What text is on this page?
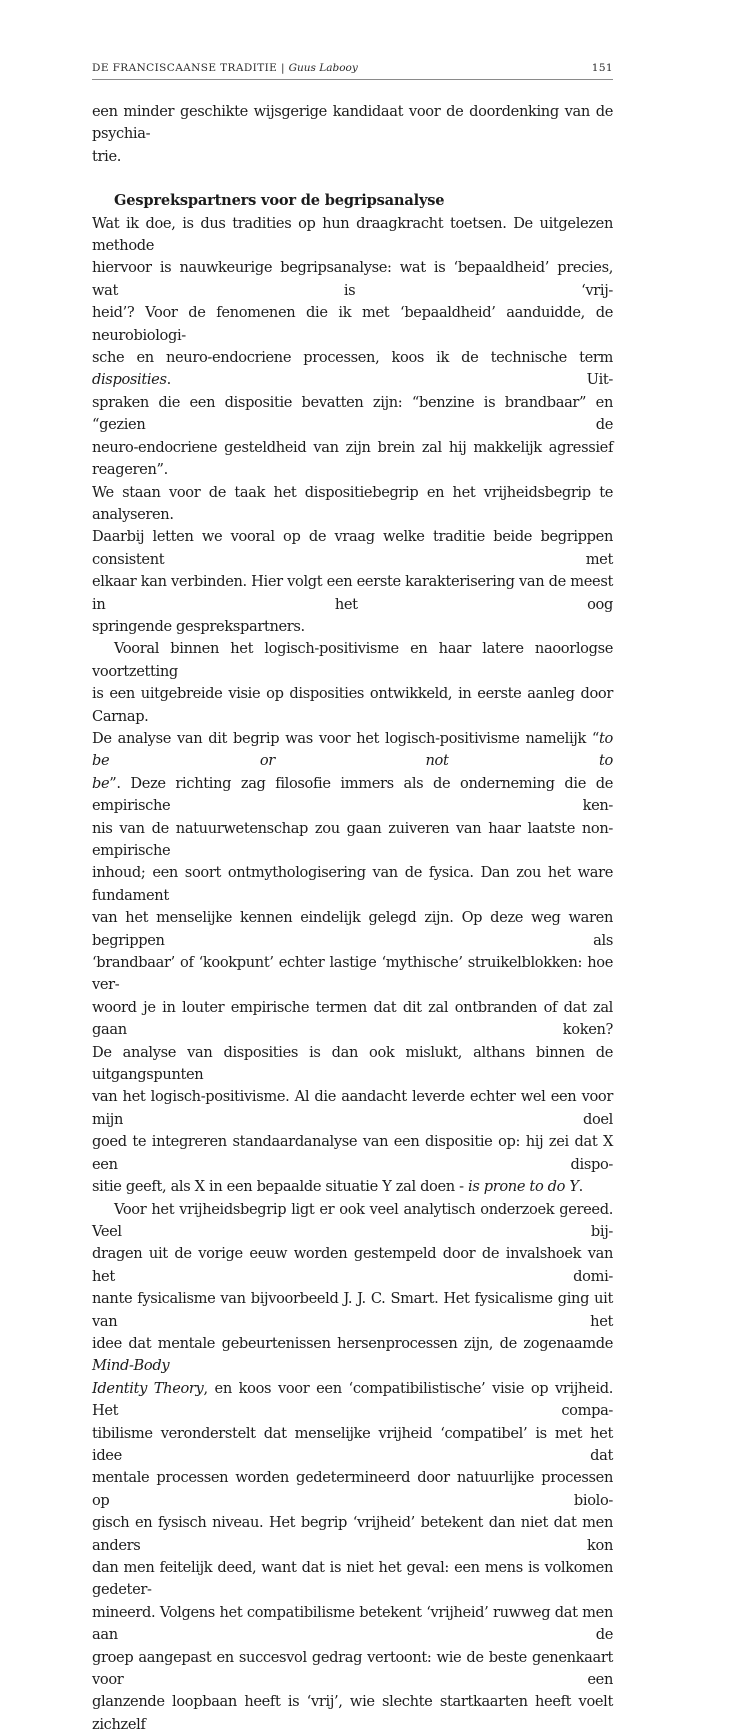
DE FRANCISCAANSE TRADITIE | Guus Labooy	151

een minder geschikte wijsgerige kandidaat voor de doordenking van de psychia-

trie.

Gesprekspartners voor de begripsanalyse

Wat ik doe, is dus tradities op hun draagkracht toetsen. De uitgelezen methode

hiervoor is nauwkeurige begripsanalyse: wat is ‘bepaaldheid’ precies, wat is ‘vrij-

heid’? Voor de fenomenen die ik met ‘bepaaldheid’ aanduidde, de neurobiologi-

sche en neuro-endocriene processen, koos ik de technische term disposities. Uit-

spraken die een dispositie bevatten zijn: “benzine is brandbaar” en “gezien de

neuro-endocriene gesteldheid van zijn brein zal hij makkelijk agressief reageren”.

We staan voor de taak het dispositiebegrip en het vrijheidsbegrip te analyseren.

Daarbij letten we vooral op de vraag welke traditie beide begrippen consistent met

elkaar kan verbinden. Hier volgt een eerste karakterisering van de meest in het oog

springende gesprekspartners.

Vooral binnen het logisch-positivisme en haar latere naoorlogse voortzetting

is een uitgebreide visie op disposities ontwikkeld, in eerste aanleg door Carnap.

De analyse van dit begrip was voor het logisch-positivisme namelijk “to be or not to

be”. Deze richting zag filosofie immers als de onderneming die de empirische ken-

nis van de natuurwetenschap zou gaan zuiveren van haar laatste non-empirische

inhoud; een soort ontmythologisering van de fysica. Dan zou het ware fundament

van het menselijke kennen eindelijk gelegd zijn. Op deze weg waren begrippen als

‘brandbaar’ of ‘kookpunt’ echter lastige ‘mythische’ struikelblokken: hoe ver-

woord je in louter empirische termen dat dit zal ontbranden of dat zal gaan koken?

De analyse van disposities is dan ook mislukt, althans binnen de uitgangspunten

van het logisch-positivisme. Al die aandacht leverde echter wel een voor mijn doel

goed te integreren standaardanalyse van een dispositie op: hij zei dat X een dispo-

sitie geeft, als X in een bepaalde situatie Y zal doen - is prone to do Y.

Voor het vrijheidsbegrip ligt er ook veel analytisch onderzoek gereed. Veel bij-

dragen uit de vorige eeuw worden gestempeld door de invalshoek van het domi-

nante fysicalisme van bijvoorbeeld J. J. C. Smart. Het fysicalisme ging uit van het

idee dat mentale gebeurtenissen hersenprocessen zijn, de zogenaamde Mind-Body

Identity Theory, en koos voor een ‘compatibilistische’ visie op vrijheid. Het compa-

tibilisme veronderstelt dat menselijke vrijheid ‘compatibel’ is met het idee dat

mentale processen worden gedetermineerd door natuurlijke processen op biolo-

gisch en fysisch niveau. Het begrip ‘vrijheid’ betekent dan niet dat men anders kon

dan men feitelijk deed, want dat is niet het geval: een mens is volkomen gedeter-

mineerd. Volgens het compatibilisme betekent ‘vrijheid’ ruwweg dat men aan de

groep aangepast en succesvol gedrag vertoont: wie de beste genenkaart voor een

glanzende loopbaan heeft is ‘vrij’, wie slechte startkaarten heeft voelt zichzelf
